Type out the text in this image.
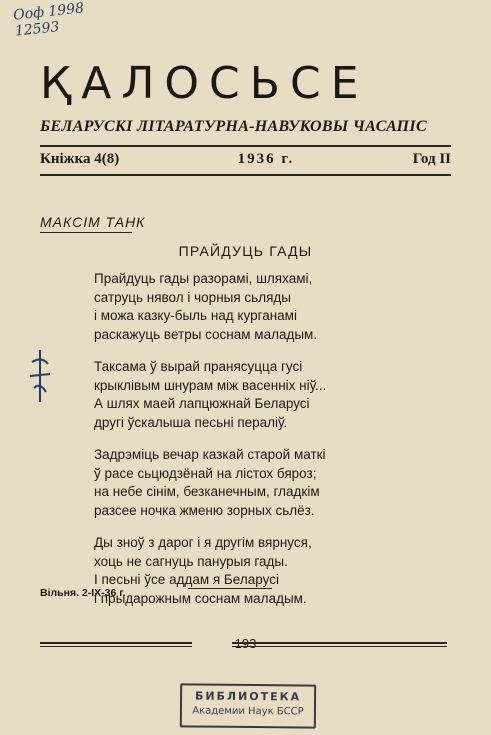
Ооф 1998
12593
ҚАЛОСЬСЕ
БЕЛАРУСКІ ЛІТАРАТУРНА-НАВУКОВЫ ЧАСАПІС
Кніжка 4(8)	1936 г.	Год II
МАКСІМ ТАНК
ПРАЙДУЦЬ ГАДЫ
Прайдуць гады разорамі, шляхамі,
сатруць нявол і чорныя сьляды
і можа казку-быль над курганамі
раскажуць ветры соснам маладым.
Таксама ў вырай пранясуцца гусі
крыклівым шнурам між васенніх ніў...
А шлях маей лапцюжнай Беларусі
другі ўскалыша песьні пераліў.
Задрэміць вечар казкай старой маткі
ў расе сьцюдзёнай на лістох бяроз;
на небе сінім, безканечным, гладкім
разсее ночка жменю зорных сьлёз.
Ды зноў з дарог і я другім вярнуся,
хоць не сагнуць панурыя гады.
І песьні ўсе аддам я Беларусі
і прыдарожным соснам маладым.
Вільня. 2-IX-36 г.
193
БИБЛИОТЕКА
Академии Наук БССР
